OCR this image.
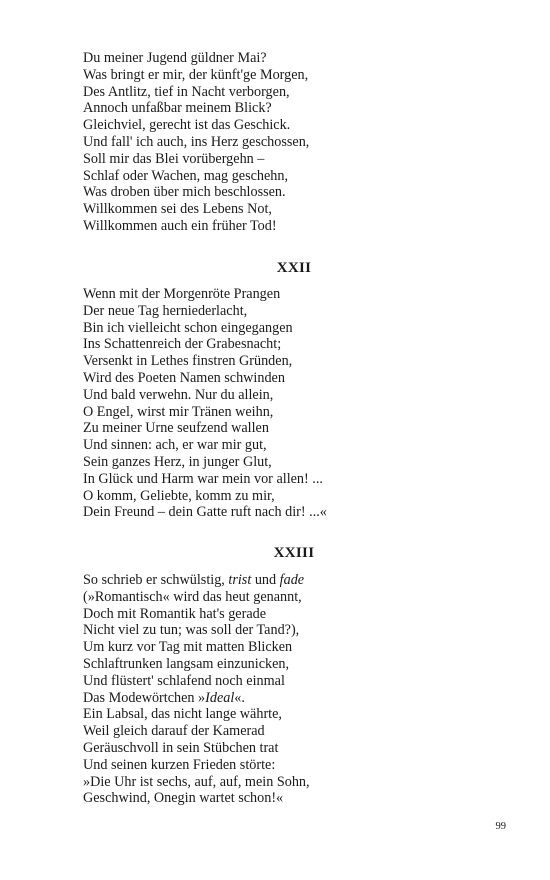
Du meiner Jugend güldner Mai?
Was bringt er mir, der künft'ge Morgen,
Des Antlitz, tief in Nacht verborgen,
Annoch unfaßbar meinem Blick?
Gleichviel, gerecht ist das Geschick.
Und fall' ich auch, ins Herz geschossen,
Soll mir das Blei vorübergehn –
Schlaf oder Wachen, mag geschehn,
Was droben über mich beschlossen.
Willkommen sei des Lebens Not,
Willkommen auch ein früher Tod!
XXII
Wenn mit der Morgenröte Prangen
Der neue Tag herniederlacht,
Bin ich vielleicht schon eingegangen
Ins Schattenreich der Grabesnacht;
Versenkt in Lethes finstren Gründen,
Wird des Poeten Namen schwinden
Und bald verwehn. Nur du allein,
O Engel, wirst mir Tränen weihn,
Zu meiner Urne seufzend wallen
Und sinnen: ach, er war mir gut,
Sein ganzes Herz, in junger Glut,
In Glück und Harm war mein vor allen! ...
O komm, Geliebte, komm zu mir,
Dein Freund – dein Gatte ruft nach dir! ...«
XXIII
So schrieb er schwülstig, trist und fade
(»Romantisch« wird das heut genannt,
Doch mit Romantik hat's gerade
Nicht viel zu tun; was soll der Tand?),
Um kurz vor Tag mit matten Blicken
Schlaftrunken langsam einzunicken,
Und flüstert' schlafend noch einmal
Das Modewörtchen »Ideal«.
Ein Labsal, das nicht lange währte,
Weil gleich darauf der Kamerad
Geräuschvoll in sein Stübchen trat
Und seinen kurzen Frieden störte:
»Die Uhr ist sechs, auf, auf, mein Sohn,
Geschwind, Onegin wartet schon!«
99
